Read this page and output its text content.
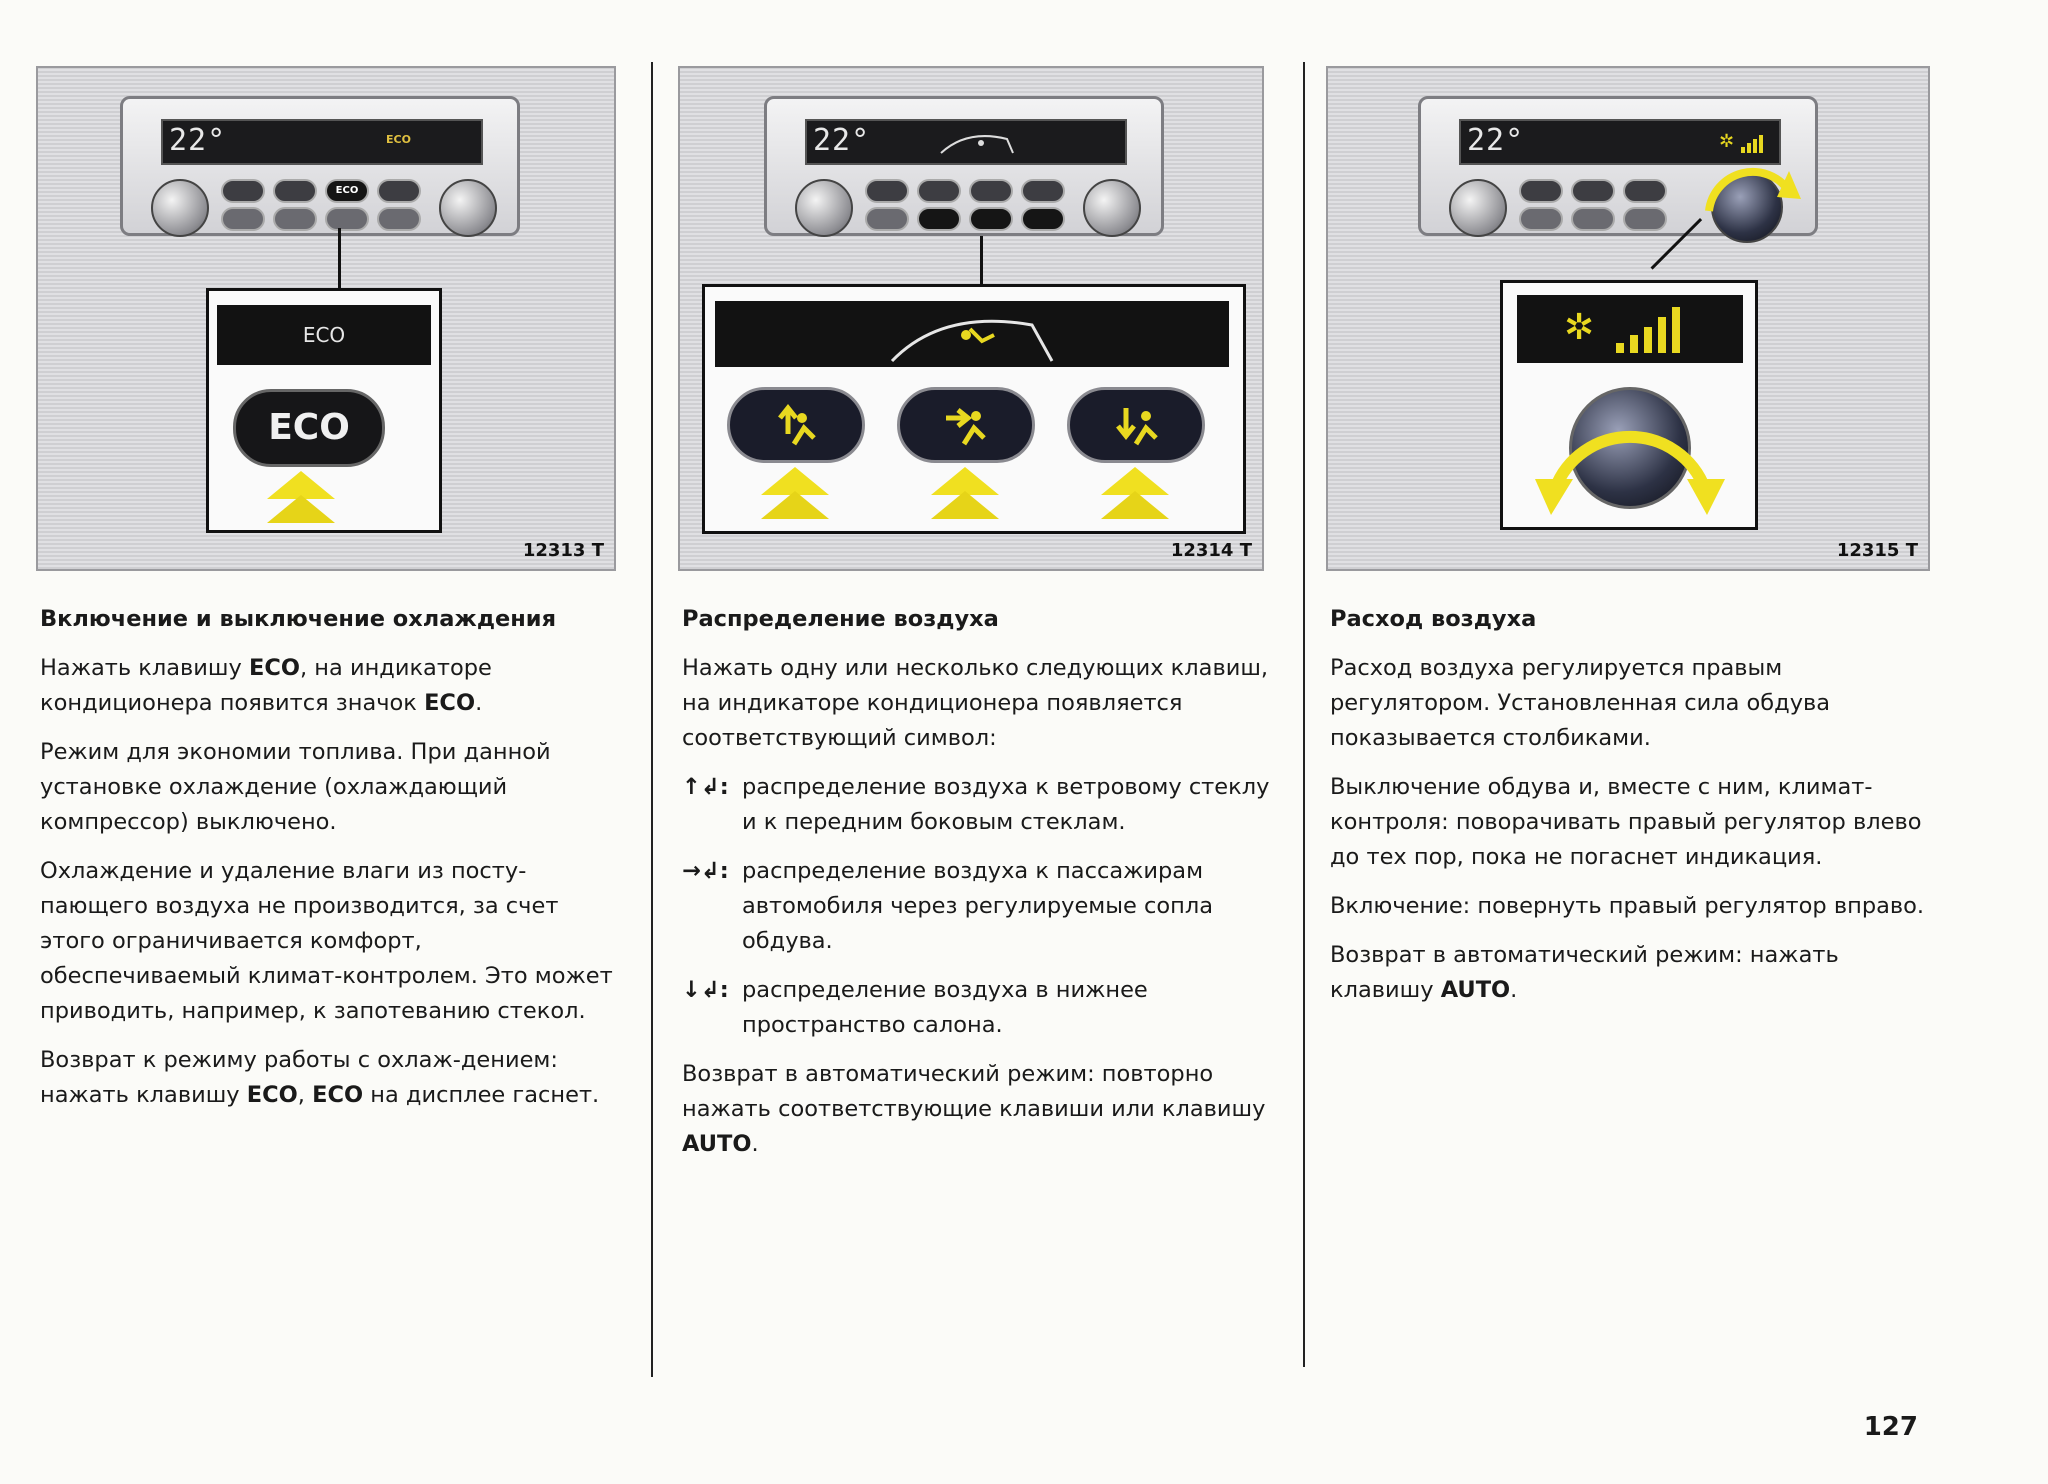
22°	ECO
ECO
ECO
ECO
12313 T
22°
12314 T
22°	✲
✲
12315 T

Включение и выключение охлаждения

Нажать клавишу ECO, на индикаторе кондиционера появится значок ECO.

Режим для экономии топлива. При данной установке охлаждение (охлаждающий компрессор) выключено.

Охлаждение и удаление влаги из посту-пающего воздуха не производится, за счет этого ограничивается комфорт, обеспечиваемый климат-контролем. Это может приводить, например, к запотеванию стекол.

Возврат к режиму работы с охлаж-дением: нажать клавишу ECO, ECO на дисплее гаснет.

Распределение воздуха

Нажать одну или несколько следующих клавиш, на индикаторе кондиционера появляется соответствующий символ:

↑↲: распределение воздуха к ветровому стеклу и к передним боковым стеклам.
→↲: распределение воздуха к пассажирам автомобиля через регулируемые сопла обдува.
↓↲: распределение воздуха в нижнее пространство салона.

Возврат в автоматический режим: повторно нажать соответствующие клавиши или клавишу AUTO.

Расход воздуха

Расход воздуха регулируется правым регулятором. Установленная сила обдува показывается столбиками.

Выключение обдува и, вместе с ним, климат-контроля: поворачивать правый регулятор влево до тех пор, пока не погаснет индикация.

Включение: повернуть правый регулятор вправо.

Возврат в автоматический режим: нажать клавишу AUTO.

127
